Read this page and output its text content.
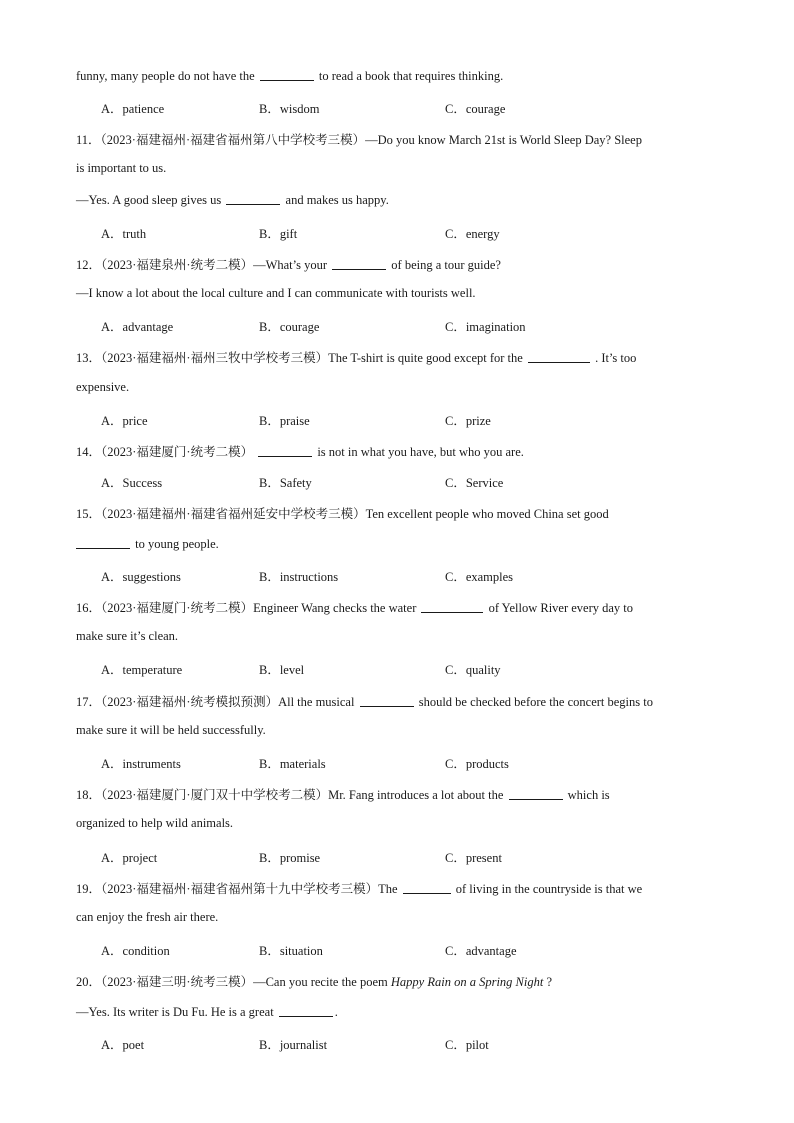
funny, many people do not have the	to read a book that requires thinking.
A．patience	B．wisdom	C．courage
11．（2023·福建福州·福建省福州第八中学校考三模）—Do you know March 21st is World Sleep Day? Sleep
is important to us.
—Yes. A good sleep gives us	and makes us happy.
A．truth	B．gift	C．energy
12．（2023·福建泉州·统考二模）—What’s your	of being a tour guide?
—I know a lot about the local culture and I can communicate with tourists well.
A．advantage	B．courage	C．imagination
13．（2023·福建福州·福州三牧中学校考三模）The T-shirt is quite good except for the	. It’s too
expensive.
A．price	B．praise	C．prize
14．（2023·福建厦门·统考二模）	is not in what you have, but who you are.
A．Success	B．Safety	C．Service
15．（2023·福建福州·福建省福州延安中学校考三模）Ten excellent people who moved China set good
to young people.
A．suggestions	B．instructions	C．examples
16．（2023·福建厦门·统考二模）Engineer Wang checks the water	of Yellow River every day to
make sure it’s clean.
A．temperature	B．level	C．quality
17．（2023·福建福州·统考模拟预测）All the musical	should be checked before the concert begins to
make sure it will be held successfully.
A．instruments	B．materials	C．products
18．（2023·福建厦门·厦门双十中学校考二模）Mr. Fang introduces a lot about the	which is
organized to help wild animals.
A．project	B．promise	C．present
19．（2023·福建福州·福建省福州第十九中学校考三模）The	of living in the countryside is that we
can enjoy the fresh air there.
A．condition	B．situation	C．advantage
20．（2023·福建三明·统考三模）—Can you recite the poem Happy Rain on a Spring Night ?
—Yes. Its writer is Du Fu. He is a great	.
A．poet	B．journalist	C．pilot
